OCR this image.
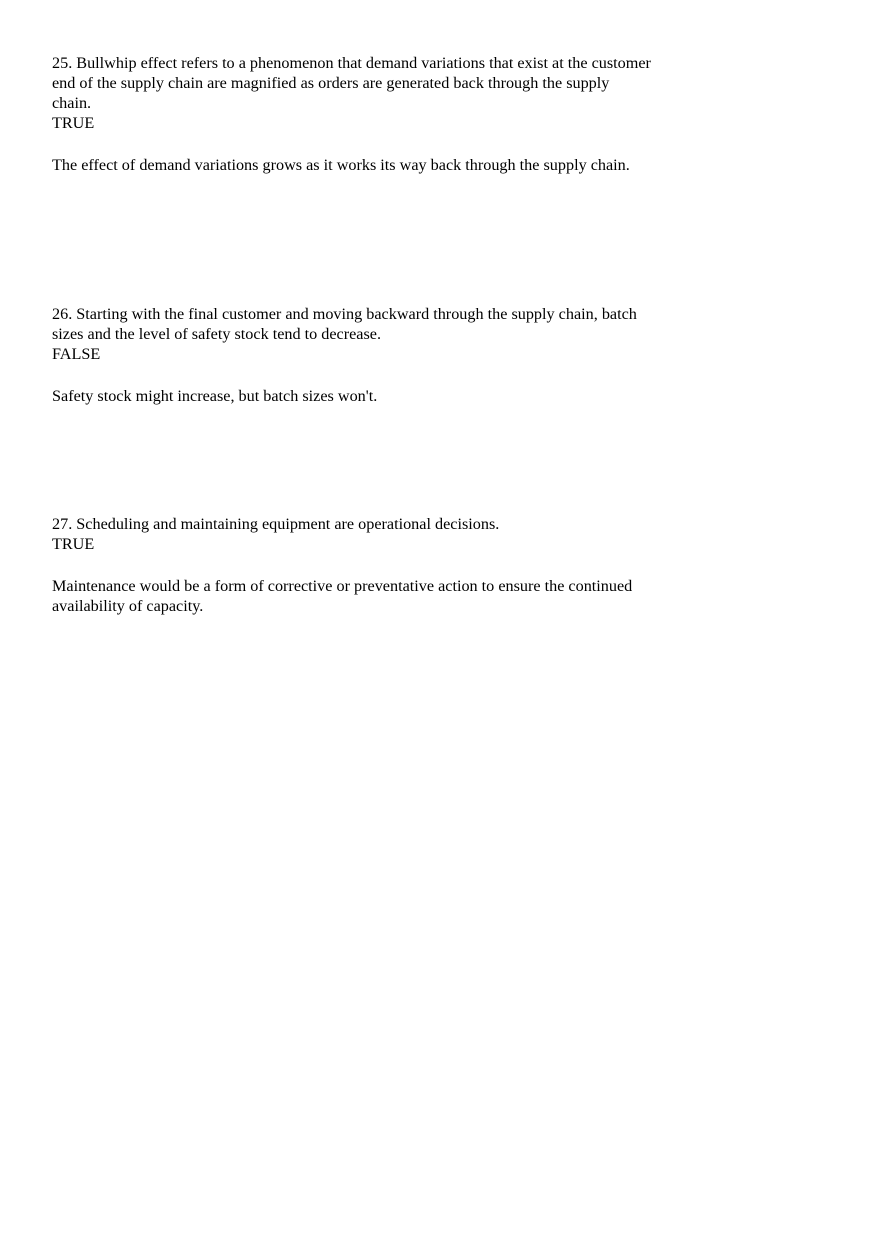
25. Bullwhip effect refers to a phenomenon that demand variations that exist at the customer end of the supply chain are magnified as orders are generated back through the supply chain.

TRUE

The effect of demand variations grows as it works its way back through the supply chain.

26. Starting with the final customer and moving backward through the supply chain, batch sizes and the level of safety stock tend to decrease.

FALSE

Safety stock might increase, but batch sizes won't.

27. Scheduling and maintaining equipment are operational decisions.

TRUE

Maintenance would be a form of corrective or preventative action to ensure the continued availability of capacity.
